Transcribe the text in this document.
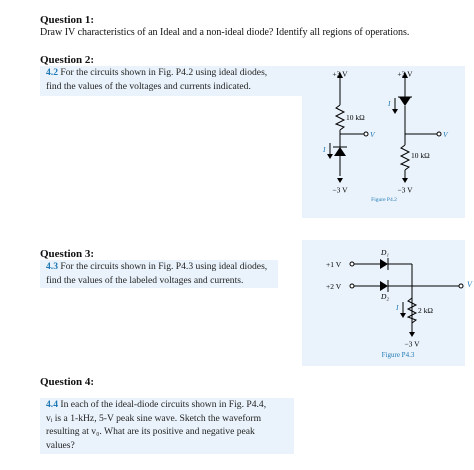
Question 1:
Draw IV characteristics of an Ideal and a non-ideal diode? Identify all regions of operations.
Question 2:

4.2 For the circuits shown in Fig. P4.2 using ideal diodes,

find the values of the voltages and currents indicated.

+3 V	+3 V
10 kΩ
10 kΩ
V	V
I
I
−3 V	−3 V
Figure P4.2
Question 3:

4.3 For the circuits shown in Fig. P4.3 using ideal diodes,

find the values of the labeled voltages and currents.

+1 V
+2 V
D₁
D₂
2 kΩ
I
−3 V
Figure P4.3
V
Question 4:

4.4 In each of the ideal-diode circuits shown in Fig. P4.4,

vᵢ is a 1-kHz, 5-V peak sine wave. Sketch the waveform

resulting at v₀. What are its positive and negative peak

values?
